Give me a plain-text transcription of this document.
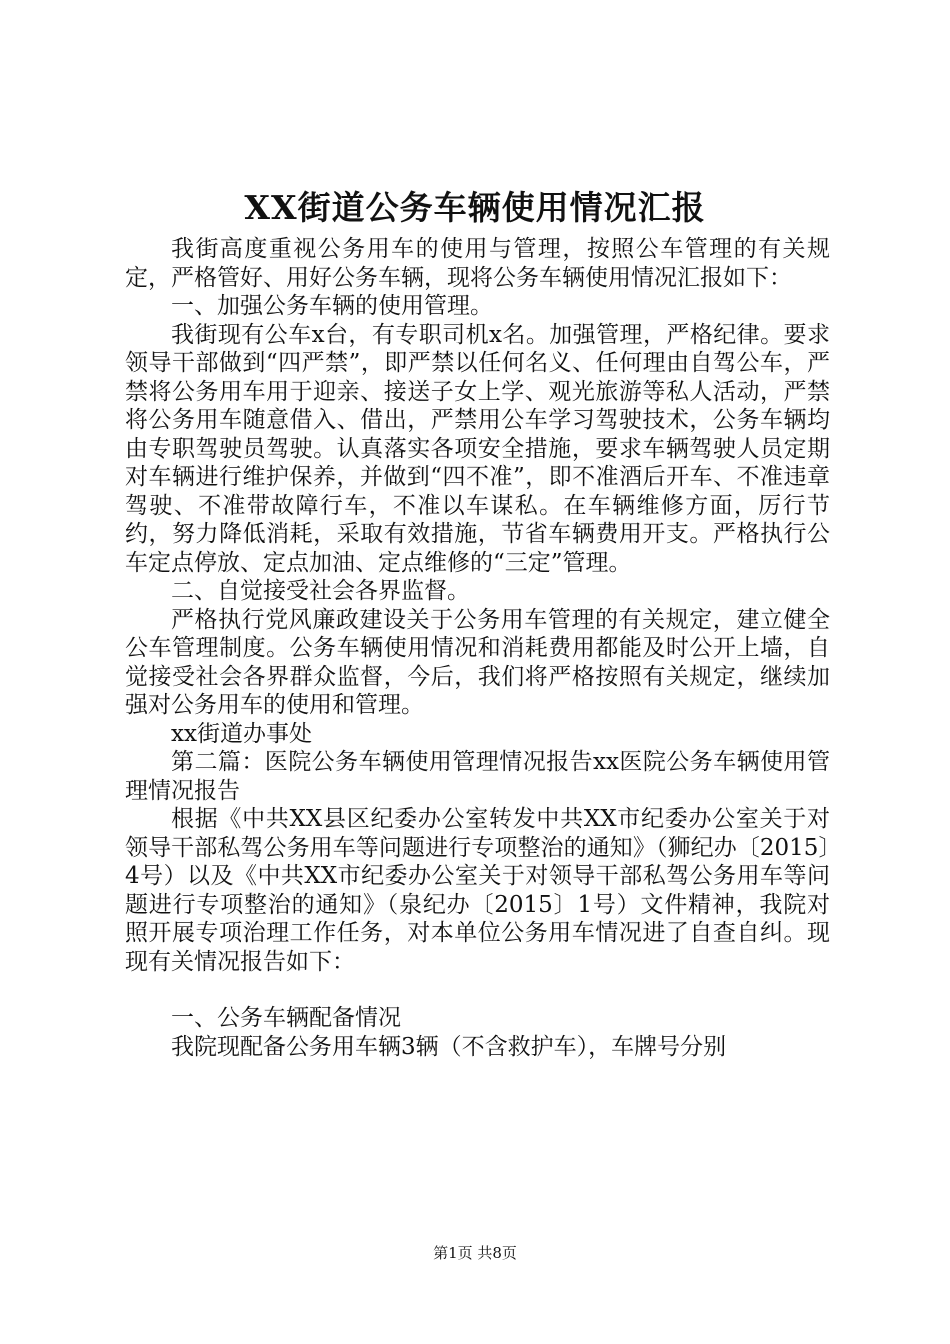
XX街道公务车辆使用情况汇报

我街高度重视公务用车的使用与管理，按照公车管理的有关规定，严格管好、用好公务车辆，现将公务车辆使用情况汇报如下：

一、加强公务车辆的使用管理。

我街现有公车x台，有专职司机x名。加强管理，严格纪律。要求领导干部做到“四严禁”，即严禁以任何名义、任何理由自驾公车，严禁将公务用车用于迎亲、接送子女上学、观光旅游等私人活动，严禁将公务用车随意借入、借出，严禁用公车学习驾驶技术，公务车辆均由专职驾驶员驾驶。认真落实各项安全措施，要求车辆驾驶人员定期对车辆进行维护保养，并做到“四不准”，即不准酒后开车、不准违章驾驶、不准带故障行车，不准以车谋私。在车辆维修方面，厉行节约，努力降低消耗，采取有效措施，节省车辆费用开支。严格执行公车定点停放、定点加油、定点维修的“三定”管理。

二、自觉接受社会各界监督。

严格执行党风廉政建设关于公务用车管理的有关规定，建立健全公车管理制度。公务车辆使用情况和消耗费用都能及时公开上墙，自觉接受社会各界群众监督，今后，我们将严格按照有关规定，继续加强对公务用车的使用和管理。

xx街道办事处

第二篇：医院公务车辆使用管理情况报告xx医院公务车辆使用管理情况报告

根据《中共XX县区纪委办公室转发中共XX市纪委办公室关于对领导干部私驾公务用车等问题进行专项整治的通知》（狮纪办〔2015〕4号）以及《中共XX市纪委办公室关于对领导干部私驾公务用车等问题进行专项整治的通知》（泉纪办〔2015〕1号）文件精神，我院对照开展专项治理工作任务，对本单位公务用车情况进了自查自纠。现现有关情况报告如下：

一、公务车辆配备情况

我院现配备公务用车辆3辆（不含救护车），车牌号分别

第1页 共8页
